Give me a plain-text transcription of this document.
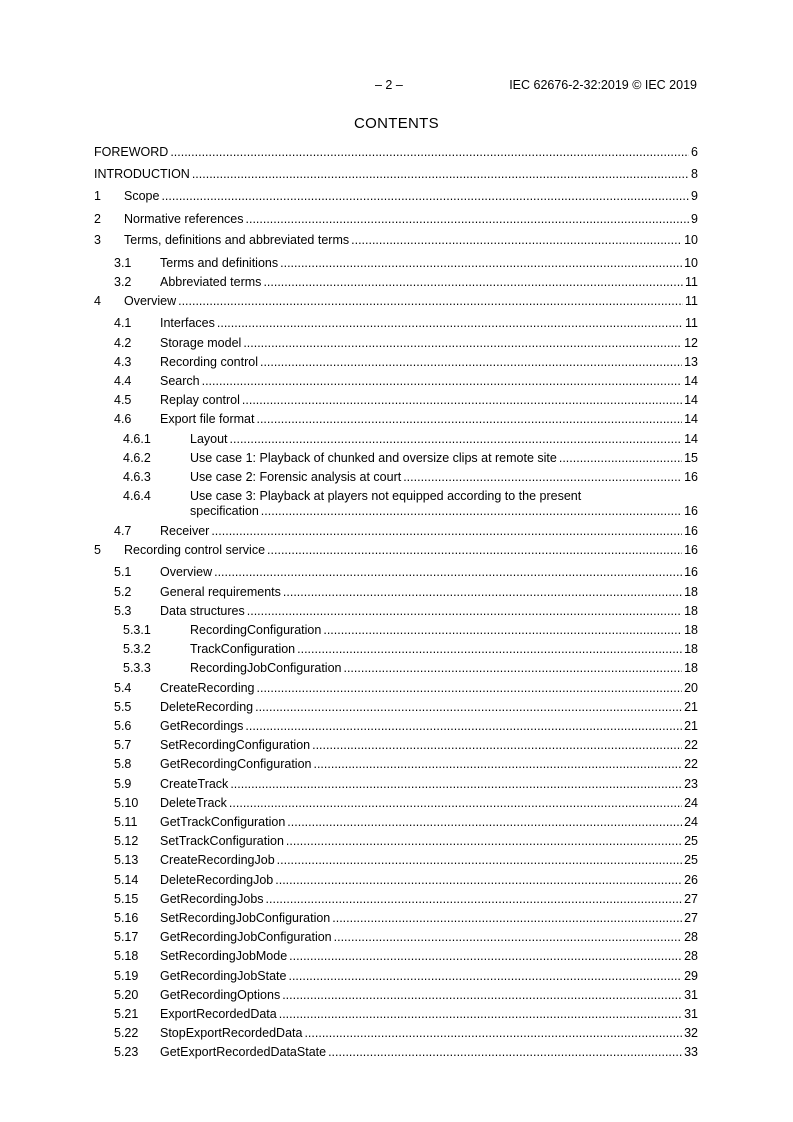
– 2 –	IEC 62676-2-32:2019 © IEC 2019
CONTENTS
FOREWORD .....	6
INTRODUCTION .....	8
1 Scope .....	9
2 Normative references .....	9
3 Terms, definitions and abbreviated terms .....	10
3.1 Terms and definitions .....	10
3.2 Abbreviated terms .....	11
4 Overview .....	11
4.1 Interfaces .....	11
4.2 Storage model .....	12
4.3 Recording control .....	13
4.4 Search .....	14
4.5 Replay control .....	14
4.6 Export file format .....	14
4.6.1	Layout .....	14
4.6.2	Use case 1: Playback of chunked and oversize clips at remote site .....	15
4.6.3	Use case 2: Forensic analysis at court .....	16
4.6.4	Use case 3: Playback at players not equipped according to the present
specification .....	16
4.7 Receiver .....	16
5 Recording control service .....	16
5.1 Overview .....	16
5.2 General requirements .....	18
5.3 Data structures .....	18
5.3.1	RecordingConfiguration .....	18
5.3.2	TrackConfiguration .....	18
5.3.3	RecordingJobConfiguration .....	18
5.4 CreateRecording .....	20
5.5 DeleteRecording .....	21
5.6 GetRecordings .....	21
5.7 SetRecordingConfiguration .....	22
5.8 GetRecordingConfiguration .....	22
5.9 CreateTrack .....	23
5.10 DeleteTrack .....	24
5.11 GetTrackConfiguration .....	24
5.12 SetTrackConfiguration .....	25
5.13 CreateRecordingJob .....	25
5.14 DeleteRecordingJob .....	26
5.15 GetRecordingJobs .....	27
5.16 SetRecordingJobConfiguration .....	27
5.17 GetRecordingJobConfiguration .....	28
5.18 SetRecordingJobMode .....	28
5.19 GetRecordingJobState .....	29
5.20 GetRecordingOptions .....	31
5.21 ExportRecordedData .....	31
5.22 StopExportRecordedData .....	32
5.23 GetExportRecordedDataState .....	33
